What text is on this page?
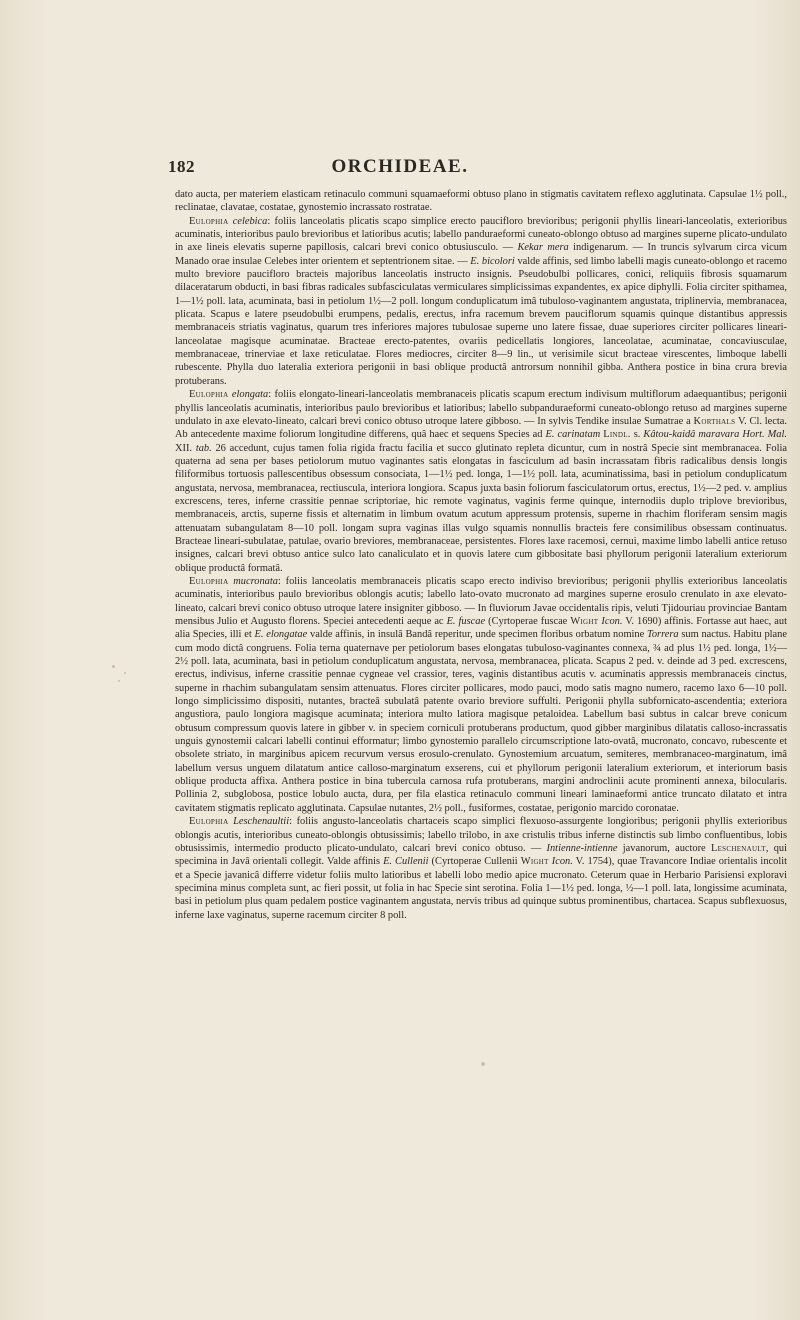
182	ORCHIDEAE.

dato aucta, per materiem elasticam retinaculo communi squamaeformi obtuso plano in stigmatis cavitatem reflexo agglutinata. Capsulae 1½ poll., reclinatae, clavatae, costatae, gynostemio incrassato rostratae.

Eulophia celebica: foliis lanceolatis plicatis scapo simplice erecto paucifloro brevioribus; perigonii phyllis lineari-lanceolatis, exterioribus acuminatis, interioribus paulo brevioribus et latioribus acutis; labello panduraeformi cuneato-oblongo obtuso ad margines superne plicato-undulato in axe lineis elevatis superne papillosis, calcari brevi conico obtusiusculo. — Kekar mera indigenarum. — In truncis sylvarum circa vicum Manado orae insulae Celebes inter orientem et septentrionem sitae. — E. bicolori valde affinis, sed limbo labelli magis cuneato-oblongo et racemo multo breviore paucifloro bracteis majoribus lanceolatis instructo insignis. Pseudobulbi pollicares, conici, reliquiis fibrosis squamarum dilaceratarum obducti, in basi fibras radicales subfasciculatas vermiculares simplicissimas expandentes, ex apice diphylli. Folia circiter spithamea, 1—1½ poll. lata, acuminata, basi in petiolum 1½—2 poll. longum conduplicatum imâ tubuloso-vaginantem angustata, triplinervia, membranacea, plicata. Scapus e latere pseudobulbi erumpens, pedalis, erectus, infra racemum brevem pauciflorum squamis quinque distantibus appressis membranaceis striatis vaginatus, quarum tres inferiores majores tubulosae superne uno latere fissae, duae superiores circiter pollicares lineari-lanceolatae magisque acuminatae. Bracteae erecto-patentes, ovariis pedicellatis longiores, lanceolatae, acuminatae, concaviusculae, membranaceae, trinerviae et laxe reticulatae. Flores mediocres, circiter 8—9 lin., ut verisimile sicut bracteae virescentes, limboque labelli rubescente. Phylla duo lateralia exteriora perigonii in basi oblique productâ antrorsum nonnihil gibba. Anthera postice in bina crura brevia protuberans.

Eulophia elongata: foliis elongato-lineari-lanceolatis membranaceis plicatis scapum erectum indivisum multiflorum adaequantibus; perigonii phyllis lanceolatis acuminatis, interioribus paulo brevioribus et latioribus; labello subpanduraeformi cuneato-oblongo retuso ad margines superne undulato in axe elevato-lineato, calcari brevi conico obtuso utroque latere gibboso. — In sylvis Tendike insulae Sumatrae a Korthals V. Cl. lecta. Ab antecedente maxime foliorum longitudine differens, quâ haec et sequens Species ad E. carinatam Lindl. s. Kâtou-kaidâ maravara Hort. Mal. XII. tab. 26 accedunt, cujus tamen folia rigida fractu facilia et succo glutinato repleta dicuntur, cum in nostrâ Specie sint membranacea. Folia quaterna ad sena per bases petiolorum mutuo vaginantes satis elongatas in fasciculum ad basin incrassatam fibris radicalibus densis longis filiformibus tortuosis pallescentibus obsessum consociata, 1—1½ ped. longa, 1—1½ poll. lata, acuminatissima, basi in petiolum conduplicatum angustata, nervosa, membranacea, rectiuscula, interiora longiora. Scapus juxta basin foliorum fasciculatorum ortus, erectus, 1½—2 ped. v. amplius excrescens, teres, inferne crassitie pennae scriptoriae, hic remote vaginatus, vaginis ferme quinque, internodiis duplo triplove brevioribus, membranaceis, arctis, superne fissis et alternatim in limbum ovatum acutum appressum protensis, superne in rhachim floriferam sensim magis attenuatam subangulatam 8—10 poll. longam supra vaginas illas vulgo squamis nonnullis bracteis fere consimilibus obsessam continuatus. Bracteae lineari-subulatae, patulae, ovario breviores, membranaceae, persistentes. Flores laxe racemosi, cernui, maxime limbo labelli antice retuso insignes, calcari brevi obtuso antice sulco lato canaliculato et in quovis latere cum gibbositate basi phyllorum perigonii lateralium exteriorum oblique productâ formatâ.

Eulophia mucronata: foliis lanceolatis membranaceis plicatis scapo erecto indiviso brevioribus; perigonii phyllis exterioribus lanceolatis acuminatis, interioribus paulo brevioribus oblongis acutis; labello lato-ovato mucronato ad margines superne erosulo crenulato in axe elevato-lineato, calcari brevi conico obtuso utroque latere insigniter gibboso. — In fluviorum Javae occidentalis ripis, veluti Tjidouriau provinciae Bantam mensibus Julio et Augusto florens. Speciei antecedenti aeque ac E. fuscae (Cyrtoperae fuscae Wight Icon. V. 1690) affinis. Fortasse aut haec, aut alia Species, illi et E. elongatae valde affinis, in insulâ Bandâ reperitur, unde specimen floribus orbatum nomine Torrera sum nactus. Habitu plane cum modo dictâ congruens. Folia terna quaternave per petiolorum bases elongatas tubuloso-vaginantes connexa, ¾ ad plus 1½ ped. longa, 1½—2½ poll. lata, acuminata, basi in petiolum conduplicatum angustata, nervosa, membranacea, plicata. Scapus 2 ped. v. deinde ad 3 ped. excrescens, erectus, indivisus, inferne crassitie pennae cygneae vel crassior, teres, vaginis distantibus acutis v. acuminatis appressis membranaceis cinctus, superne in rhachim subangulatam sensim attenuatus. Flores circiter pollicares, modo pauci, modo satis magno numero, racemo laxo 6—10 poll. longo simplicissimo dispositi, nutantes, bracteâ subulatâ patente ovario breviore suffulti. Perigonii phylla subfornicato-ascendentia; exteriora angustiora, paulo longiora magisque acuminata; interiora multo latiora magisque petaloidea. Labellum basi subtus in calcar breve conicum obtusum compressum quovis latere in gibber v. in speciem corniculi protuberans productum, quod gibber marginibus dilatatis calloso-incrassatis unguis gynostemii calcari labelli continui efformatur; limbo gynostemio parallelo circumscriptione lato-ovatâ, mucronato, concavo, rubescente et obsolete striato, in marginibus apicem recurvum versus erosulo-crenulato. Gynostemium arcuatum, semiteres, membranaceo-marginatum, imâ labellum versus unguem dilatatum antice calloso-marginatum exserens, cui et phyllorum perigonii lateralium exteriorum, et interiorum basis oblique producta affixa. Anthera postice in bina tubercula carnosa rufa protuberans, margini androclinii acute prominenti annexa, bilocularis. Pollinia 2, subglobosa, postice lobulo aucta, dura, per fila elastica retinaculo communi lineari laminaeformi antice truncato dilatato et intra cavitatem stigmatis replicato agglutinata. Capsulae nutantes, 2½ poll., fusiformes, costatae, perigonio marcido coronatae.

Eulophia Leschenaultii: foliis angusto-lanceolatis chartaceis scapo simplici flexuoso-assurgente longioribus; perigonii phyllis exterioribus oblongis acutis, interioribus cuneato-oblongis obtusissimis; labello trilobo, in axe cristulis tribus inferne distinctis sub limbo confluentibus, lobis obtusissimis, intermedio producto plicato-undulato, calcari brevi conico obtuso. — Intienne-intienne javanorum, auctore Leschenault, qui specimina in Javâ orientali collegit. Valde affinis E. Cullenii (Cyrtoperae Cullenii Wight Icon. V. 1754), quae Travancore Indiae orientalis incolit et a Specie javanicâ differre videtur foliis multo latioribus et labelli lobo medio apice mucronato. Ceterum quae in Herbario Parisiensi exploravi specimina minus completa sunt, ac fieri possit, ut folia in hac Specie sint serotina. Folia 1—1½ ped. longa, ½—1 poll. lata, longissime acuminata, basi in petiolum plus quam pedalem postice vaginantem angustata, nervis tribus ad quinque subtus prominentibus, chartacea. Scapus subflexuosus, inferne laxe vaginatus, superne racemum circiter 8 poll.
